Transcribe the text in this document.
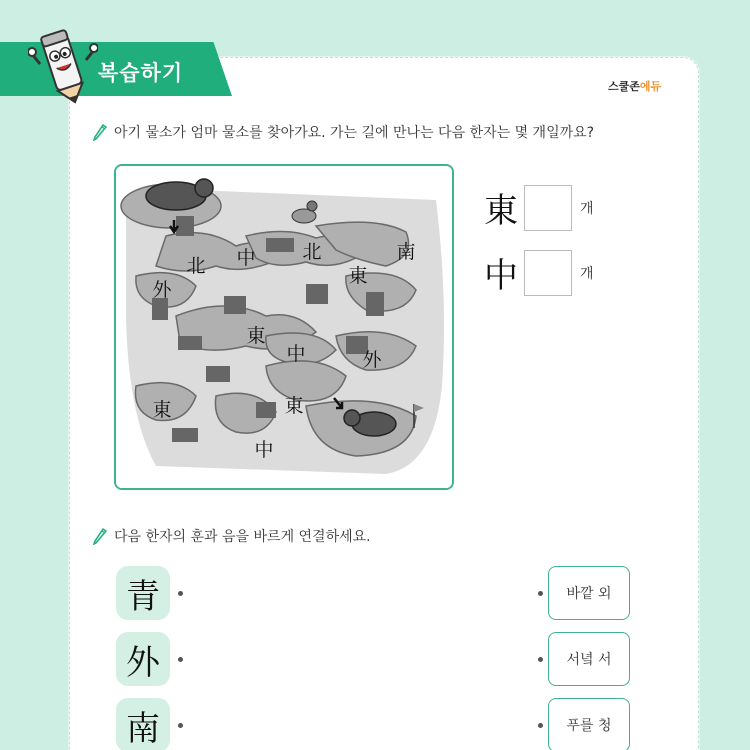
복습하기
스쿨존에듀
아기 물소가 엄마 물소를 찾아가요. 가는 길에 만나는 다음 한자는 몇 개일까요?
北 中 北	南
外
東
東
中	外
東	東
中
東	개
中	개
다음 한자의 훈과 음을 바르게 연결하세요.
青
外
南
바깥 외
서녘 서
푸를 청
